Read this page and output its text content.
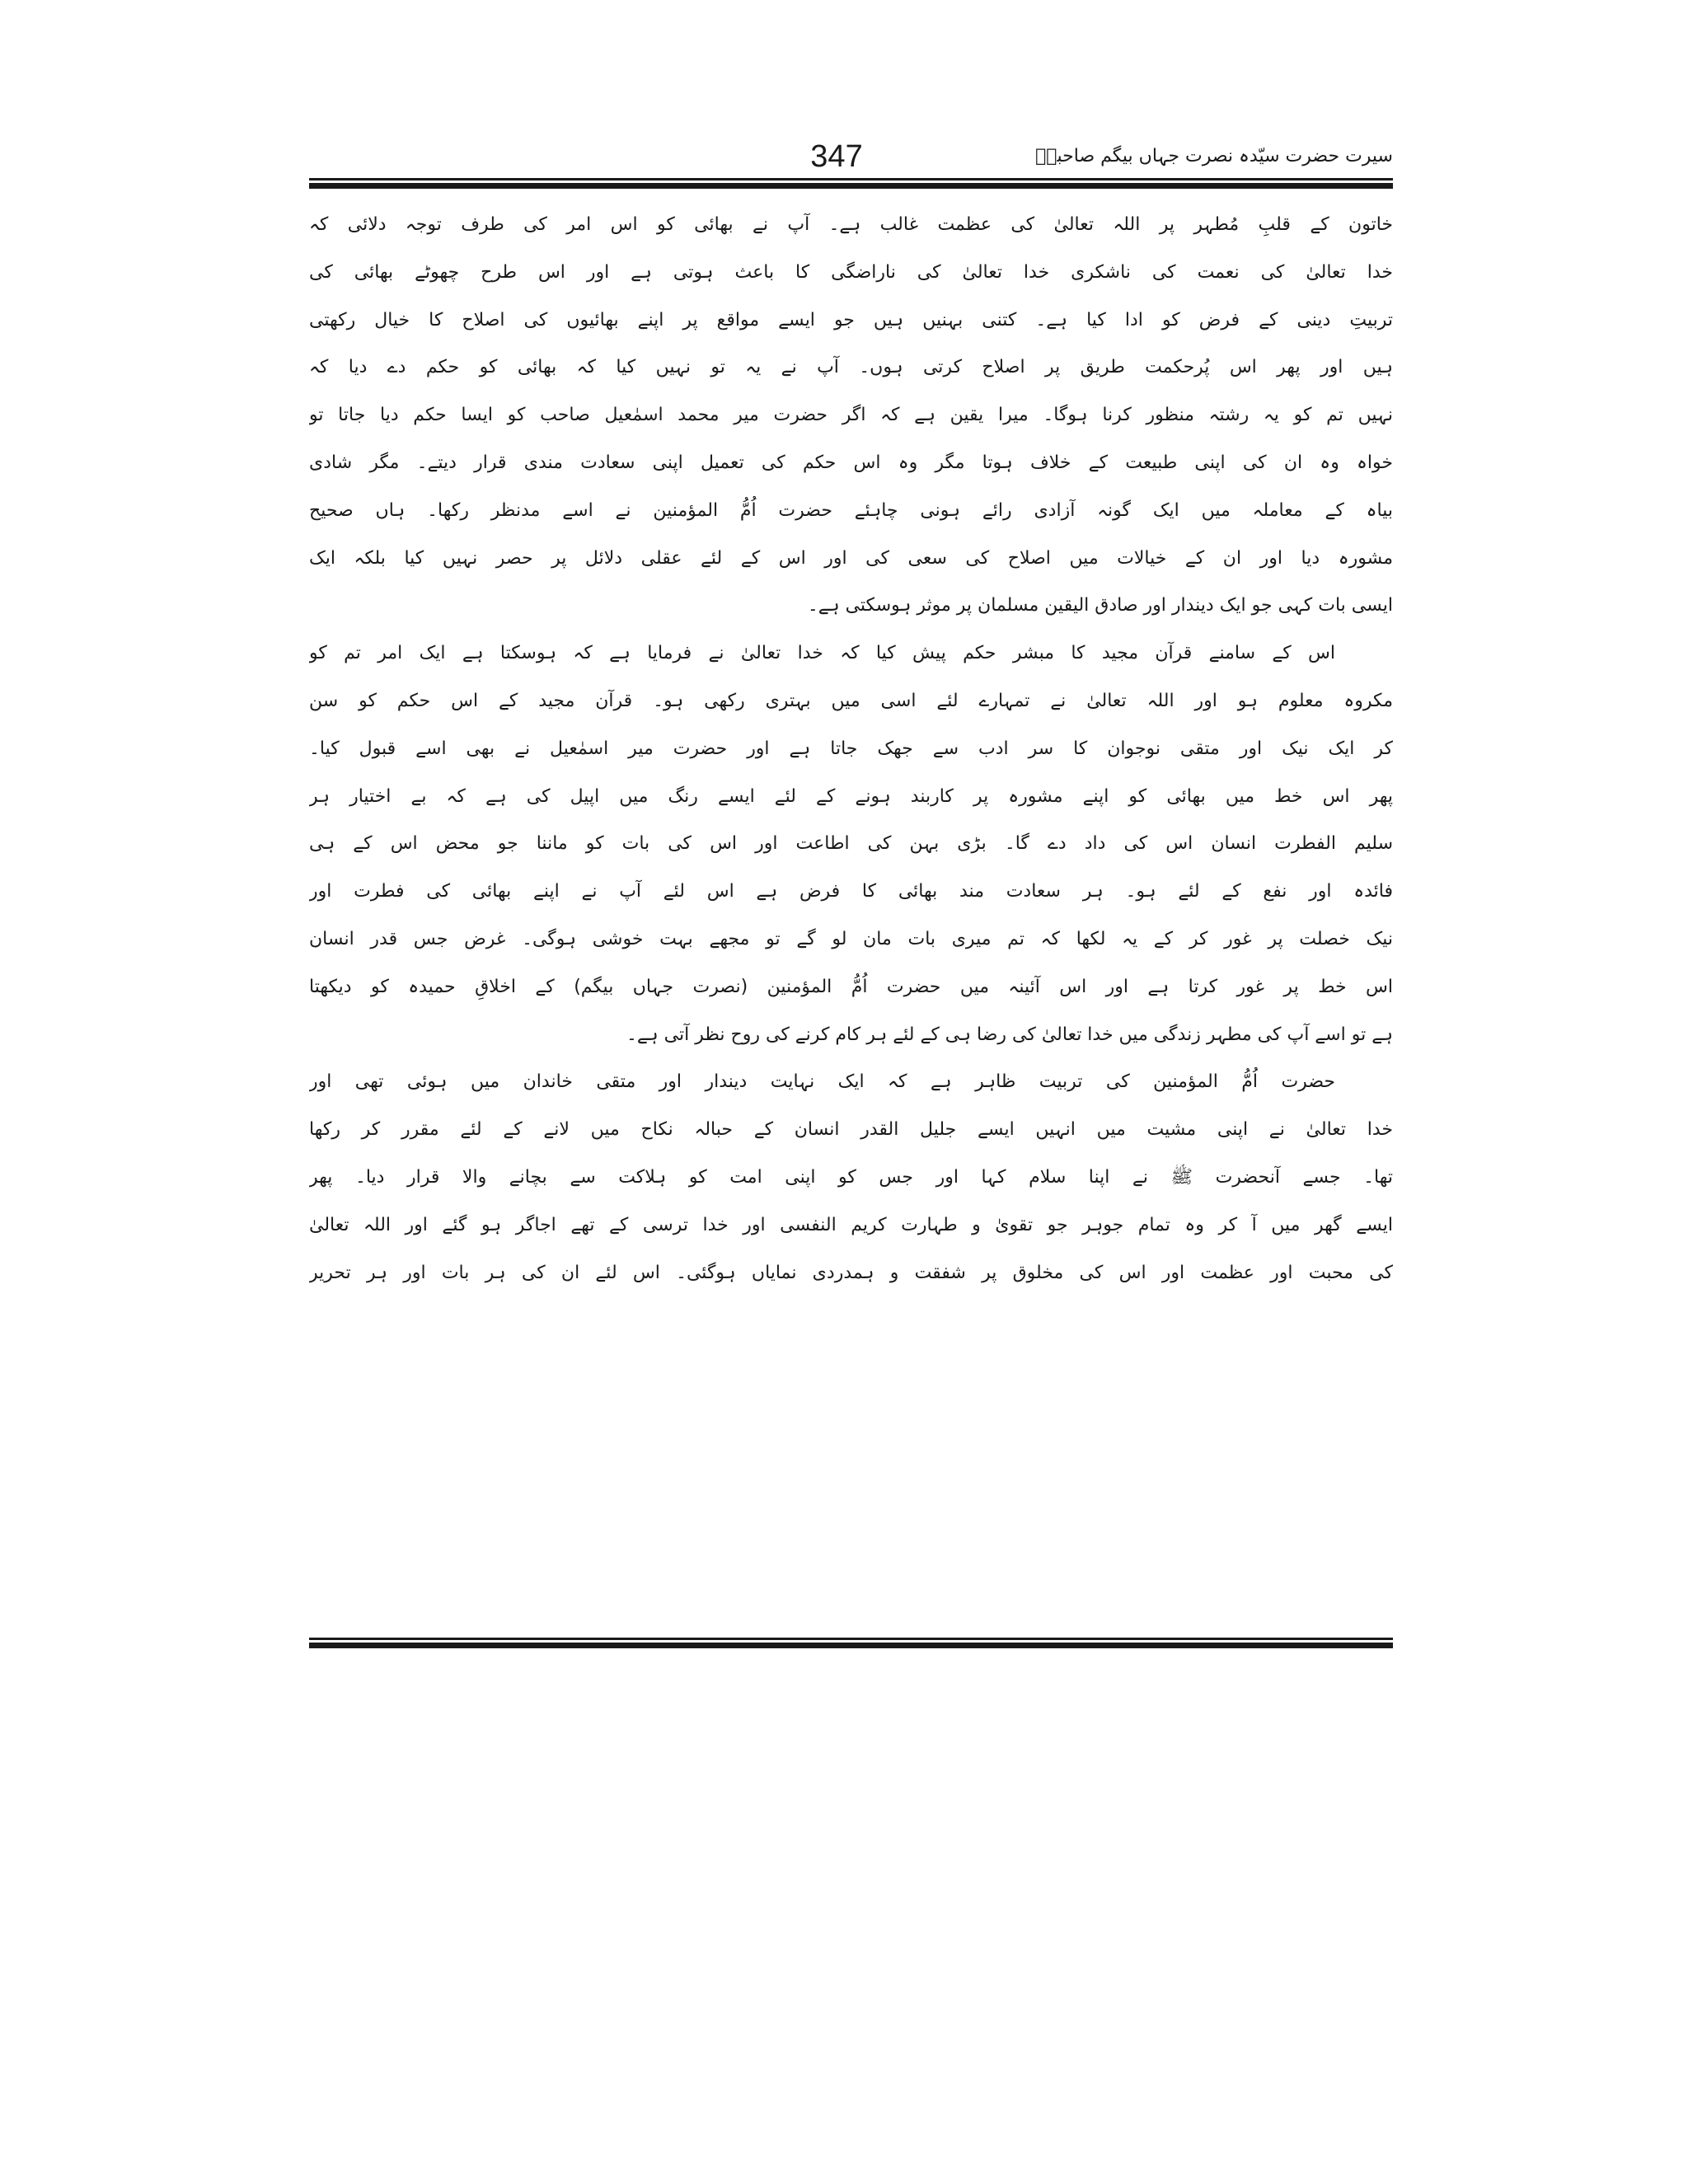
347	سیرت حضرت سیّدہ نصرت جہاں بیگم صاحبہؓ
خاتون کے قلبِ مُطہر پر اللہ تعالیٰ کی عظمت غالب ہے۔ آپ نے بھائی کو اس امر کی طرف توجہ دلائی کہ
خدا تعالیٰ کی نعمت کی ناشکری خدا تعالیٰ کی ناراضگی کا باعث ہوتی ہے اور اس طرح چھوٹے بھائی کی
تربیتِ دینی کے فرض کو ادا کیا ہے۔ کتنی بہنیں ہیں جو ایسے مواقع پر اپنے بھائیوں کی اصلاح کا خیال رکھتی
ہیں اور پھر اس پُرحکمت طریق پر اصلاح کرتی ہوں۔ آپ نے یہ تو نہیں کیا کہ بھائی کو حکم دے دیا کہ
نہیں تم کو یہ رشتہ منظور کرنا ہوگا۔ میرا یقین ہے کہ اگر حضرت میر محمد اسمٰعیل صاحب کو ایسا حکم دیا جاتا تو
خواہ وہ ان کی اپنی طبیعت کے خلاف ہوتا مگر وہ اس حکم کی تعمیل اپنی سعادت مندی قرار دیتے۔ مگر شادی
بیاہ کے معاملہ میں ایک گونہ آزادی رائے ہونی چاہئے حضرت اُمُّ المؤمنین نے اسے مدنظر رکھا۔ ہاں صحیح
مشورہ دیا اور ان کے خیالات میں اصلاح کی سعی کی اور اس کے لئے عقلی دلائل پر حصر نہیں کیا بلکہ ایک
ایسی بات کہی جو ایک دیندار اور صادق الیقین مسلمان پر موثر ہوسکتی ہے۔
اس کے سامنے قرآن مجید کا مبشر حکم پیش کیا کہ خدا تعالیٰ نے فرمایا ہے کہ ہوسکتا ہے ایک امر تم کو
مکروہ معلوم ہو اور اللہ تعالیٰ نے تمہارے لئے اسی میں بہتری رکھی ہو۔ قرآن مجید کے اس حکم کو سن
کر ایک نیک اور متقی نوجوان کا سر ادب سے جھک جاتا ہے اور حضرت میر اسمٰعیل نے بھی اسے قبول کیا۔
پھر اس خط میں بھائی کو اپنے مشورہ پر کاربند ہونے کے لئے ایسے رنگ میں اپیل کی ہے کہ بے اختیار ہر
سلیم الفطرت انسان اس کی داد دے گا۔ بڑی بہن کی اطاعت اور اس کی بات کو ماننا جو محض اس کے ہی
فائدہ اور نفع کے لئے ہو۔ ہر سعادت مند بھائی کا فرض ہے اس لئے آپ نے اپنے بھائی کی فطرت اور
نیک خصلت پر غور کر کے یہ لکھا کہ تم میری بات مان لو گے تو مجھے بہت خوشی ہوگی۔ غرض جس قدر انسان
اس خط پر غور کرتا ہے اور اس آئینہ میں حضرت اُمُّ المؤمنین (نصرت جہاں بیگم) کے اخلاقِ حمیدہ کو دیکھتا
ہے تو اسے آپ کی مطہر زندگی میں خدا تعالیٰ کی رضا ہی کے لئے ہر کام کرنے کی روح نظر آتی ہے۔
حضرت اُمُّ المؤمنین کی تربیت ظاہر ہے کہ ایک نہایت دیندار اور متقی خاندان میں ہوئی تھی اور
خدا تعالیٰ نے اپنی مشیت میں انہیں ایسے جلیل القدر انسان کے حبالہ نکاح میں لانے کے لئے مقرر کر رکھا
تھا۔ جسے آنحضرت ﷺ نے اپنا سلام کہا اور جس کو اپنی امت کو ہلاکت سے بچانے والا قرار دیا۔ پھر
ایسے گھر میں آ کر وہ تمام جوہر جو تقویٰ و طہارت کریم النفسی اور خدا ترسی کے تھے اجاگر ہو گئے اور اللہ تعالیٰ
کی محبت اور عظمت اور اس کی مخلوق پر شفقت و ہمدردی نمایاں ہوگئی۔ اس لئے ان کی ہر بات اور ہر تحریر
